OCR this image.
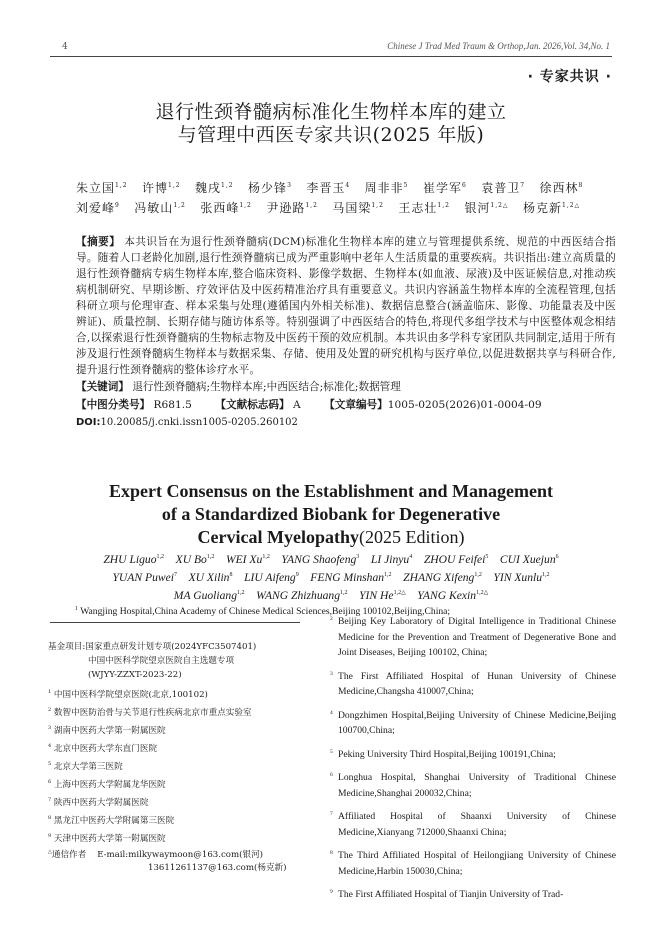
4	Chinese J Trad Med Traum & Orthop,Jan. 2026,Vol. 34,No. 1
· 专家共识 ·
退行性颈脊髓病标准化生物样本库的建立
与管理中西医专家共识(2025 年版)
朱立国$^{1,2}$ 许博$^{1,2}$ 魏戌$^{1,2}$ 杨少锋$^3$ 李晋玉$^4$ 周非非$^5$ 崔学军$^6$ 袁普卫$^7$ 徐西林$^8$
刘爱峰$^9$ 冯敏山$^{1,2}$ 张西峰$^{1,2}$ 尹逊路$^{1,2}$ 马国梁$^{1,2}$ 王志壮$^{1,2}$ 银河$^{1,2\triangle}$ 杨克新$^{1,2\triangle}$
【摘要】 本共识旨在为退行性颈脊髓病(DCM)标准化生物样本库的建立与管理提供系统、规范的中西医结合指导。随着人口老龄化加剧,退行性颈脊髓病已成为严重影响中老年人生活质量的重要疾病。共识指出:建立高质量的退行性颈脊髓病专病生物样本库,整合临床资料、影像学数据、生物样本(如血液、尿液)及中医证候信息,对推动疾病机制研究、早期诊断、疗效评估及中医药精准治疗具有重要意义。共识内容涵盖生物样本库的全流程管理,包括科研立项与伦理审查、样本采集与处理(遵循国内外相关标准)、数据信息整合(涵盖临床、影像、功能量表及中医辨证)、质量控制、长期存储与随访体系等。特别强调了中西医结合的特色,将现代多组学技术与中医整体观念相结合,以探索退行性颈脊髓病的生物标志物及中医药干预的效应机制。本共识由多学科专家团队共同制定,适用于所有涉及退行性颈脊髓病生物样本与数据采集、存储、使用及处置的研究机构与医疗单位,以促进数据共享与科研合作,提升退行性颈脊髓病的整体诊疗水平。
【关键词】 退行性颈脊髓病;生物样本库;中西医结合;标准化;数据管理
【中图分类号】 R681.5 【文献标志码】 A 【文章编号】1005-0205(2026)01-0004-09
DOI:10.20085/j.cnki.issn1005-0205.260102
Expert Consensus on the Establishment and Management
of a Standardized Biobank for Degenerative
Cervical Myelopathy(2025 Edition)
ZHU Liguo$^{1,2}$ XU Bo$^{1,2}$ WEI Xu$^{1,2}$ YANG Shaofeng$^3$ LI Jinyu$^4$ ZHOU Feifei$^5$ CUI Xuejun$^6$
YUAN Puwei$^7$ XU Xilin$^8$ LIU Aifeng$^9$ FENG Minshan$^{1,2}$ ZHANG Xifeng$^{1,2}$ YIN Xunlu$^{1,2}$
MA Guoliang$^{1,2}$ WANG Zhizhuang$^{1,2}$ YIN $He^{1,2\triangle}$ YANG Kexin$^{1,2\triangle}$
$^1$ Wangjing Hospital,China Academy of Chinese Medical Sciences,Beijing 100102,Beijing,China;
基金项目:国家重点研发计划专项(2024YFC3507401)
中国中医科学院望京医院自主选题专项
(WJYY-ZZXT-2023-22)
$^1$ 中国中医科学院望京医院(北京,100102)
$^2$ 数智中医防治骨与关节退行性疾病北京市重点实验室
$^3$ 湖南中医药大学第一附属医院
$^4$ 北京中医药大学东直门医院
$^5$ 北京大学第三医院
$^6$ 上海中医药大学附属龙华医院
$^7$ 陕西中医药大学附属医院
$^8$ 黑龙江中医药大学附属第三医院
$^9$ 天津中医药大学第一附属医院
△通信作者 E-mail:milkywaymoon@163.com(银河)
13611261137@163.com(杨克新)
2 Beijing Key Laboratory of Digital Intelligence in Traditional Chinese Medicine for the Prevention and Treatment of Degenerative Bone and Joint Diseases, Beijing 100102, China;
3 The First Affiliated Hospital of Hunan University of Chinese Medicine,Changsha 410007,China;
4 Dongzhimen Hospital,Beijing University of Chinese Medicine,Beijing 100700,China;
5 Peking University Third Hospital,Beijing 100191,China;
6 Longhua Hospital, Shanghai University of Traditional Chinese Medicine,Shanghai 200032,China;
7 Affiliated Hospital of Shaanxi University of Chinese Medicine,Xianyang 712000,Shaanxi China;
8 The Third Affiliated Hospital of Heilongjiang University of Chinese Medicine,Harbin 150030,China;
9 The First Affiliated Hospital of Tianjin University of Trad-
